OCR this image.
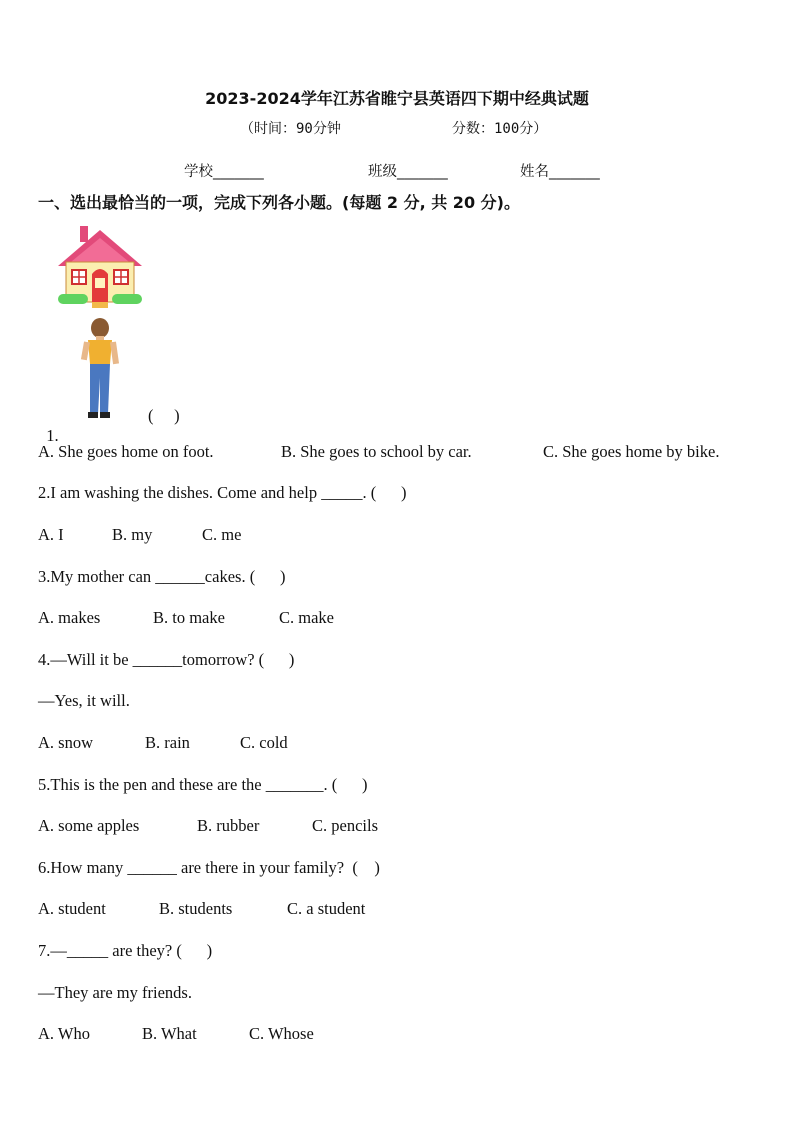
2023-2024学年江苏省睢宁县英语四下期中经典试题
（时间：90分钟	分数：100分）
学校_______	班级_______	姓名_______
一、选出最恰当的一项，完成下列各小题。(每题 2 分, 共 20 分)。

1.

(     )
A. She goes home on foot.	B. She goes to school by car.	C. She goes home by bike.
2.I am washing the dishes. Come and help _____. (      )
A. I	B. my	C. me
3.My mother can ______cakes. (      )
A. makes	B. to make	C. make
4.—Will it be ______tomorrow? (      )
—Yes, it will.
A. snow	B. rain	C. cold
5.This is the pen and these are the _______. (      )
A. some apples	B. rubber	C. pencils
6.How many ______ are there in your family?  (    )
A. student	B. students	C. a student
7.—_____ are they? (      )
—They are my friends.
A. Who	B. What	C. Whose
